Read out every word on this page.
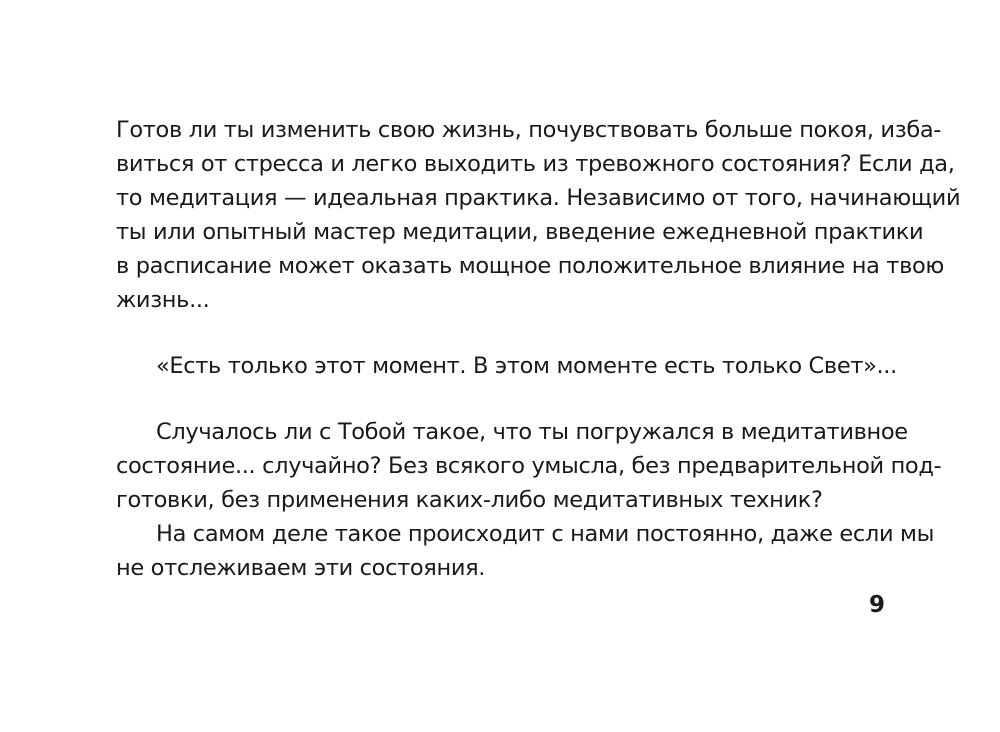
Готов ли ты изменить свою жизнь, почувствовать больше покоя, изба-
виться от стресса и легко выходить из тревожного состояния? Если да,
то медитация — идеальная практика. Независимо от того, начинающий
ты или опытный мастер медитации, введение ежедневной практики
в расписание может оказать мощное положительное влияние на твою
жизнь...
«Есть только этот момент. В этом моменте есть только Свет»...
Случалось ли с Тобой такое, что ты погружался в медитативное
состояние... случайно? Без всякого умысла, без предварительной под-
готовки, без применения каких-либо медитативных техник?
На самом деле такое происходит с нами постоянно, даже если мы
не отслеживаем эти состояния.
9
